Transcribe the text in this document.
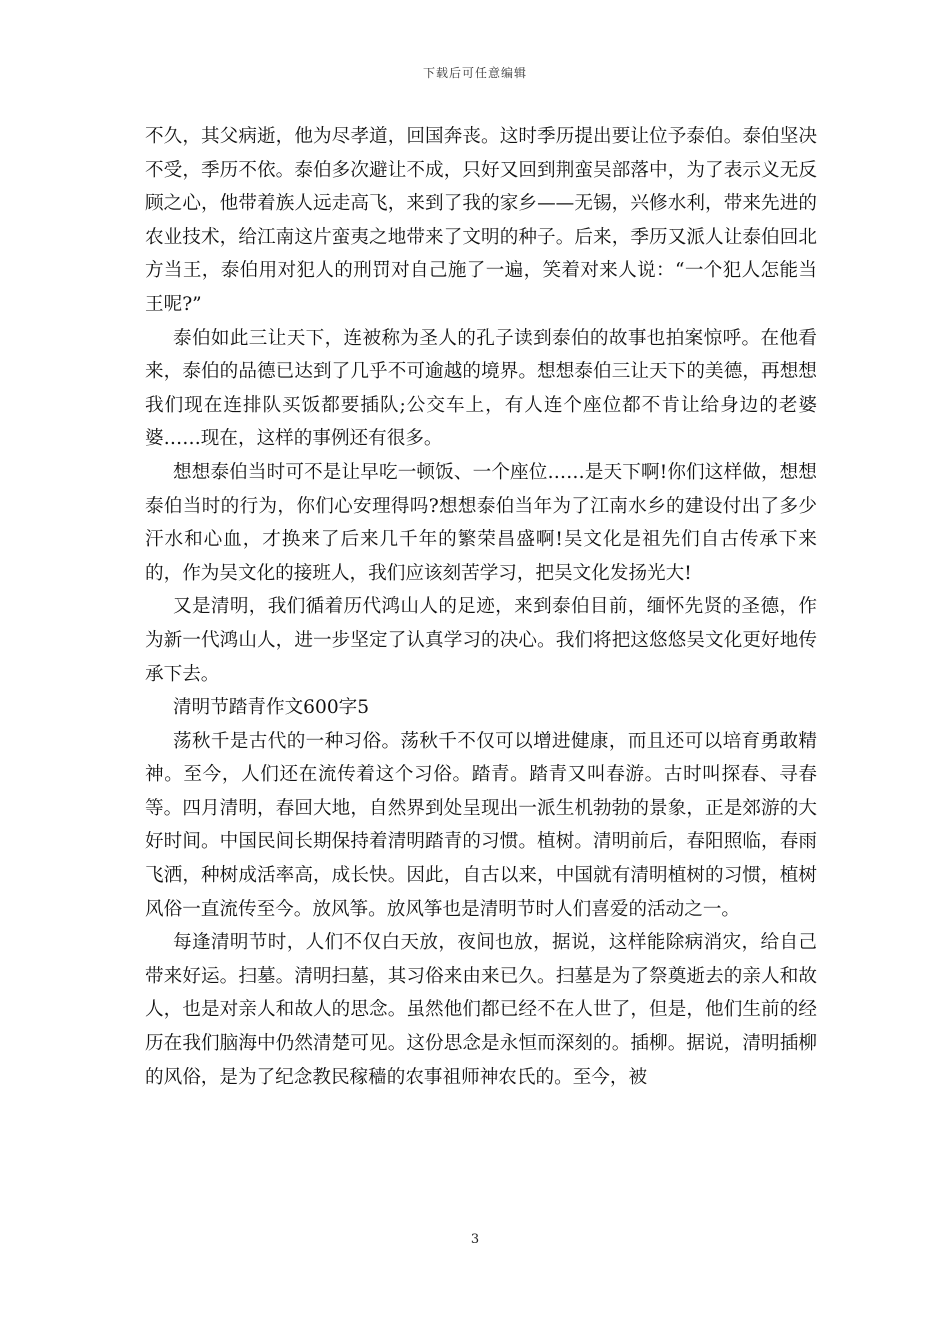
下载后可任意编辑

不久，其父病逝，他为尽孝道，回国奔丧。这时季历提出要让位予泰伯。泰伯坚决不受，季历不依。泰伯多次避让不成，只好又回到荆蛮吴部落中，为了表示义无反顾之心，他带着族人远走高飞，来到了我的家乡——无锡，兴修水利，带来先进的农业技术，给江南这片蛮夷之地带来了文明的种子。后来，季历又派人让泰伯回北方当王，泰伯用对犯人的刑罚对自己施了一遍，笑着对来人说：“一个犯人怎能当王呢?”

泰伯如此三让天下，连被称为圣人的孔子读到泰伯的故事也拍案惊呼。在他看来，泰伯的品德已达到了几乎不可逾越的境界。想想泰伯三让天下的美德，再想想我们现在连排队买饭都要插队;公交车上，有人连个座位都不肯让给身边的老婆婆……现在，这样的事例还有很多。

想想泰伯当时可不是让早吃一顿饭、一个座位……是天下啊!你们这样做，想想泰伯当时的行为，你们心安理得吗?想想泰伯当年为了江南水乡的建设付出了多少汗水和心血，才换来了后来几千年的繁荣昌盛啊!吴文化是祖先们自古传承下来的，作为吴文化的接班人，我们应该刻苦学习，把吴文化发扬光大!

又是清明，我们循着历代鸿山人的足迹，来到泰伯目前，缅怀先贤的圣德，作为新一代鸿山人，进一步坚定了认真学习的决心。我们将把这悠悠吴文化更好地传承下去。

清明节踏青作文600字5

荡秋千是古代的一种习俗。荡秋千不仅可以增进健康，而且还可以培育勇敢精神。至今，人们还在流传着这个习俗。踏青。踏青又叫春游。古时叫探春、寻春等。四月清明，春回大地，自然界到处呈现出一派生机勃勃的景象，正是郊游的大好时间。中国民间长期保持着清明踏青的习惯。植树。清明前后，春阳照临，春雨飞洒，种树成活率高，成长快。因此，自古以来，中国就有清明植树的习惯，植树风俗一直流传至今。放风筝。放风筝也是清明节时人们喜爱的活动之一。

每逢清明节时，人们不仅白天放，夜间也放，据说，这样能除病消灾，给自己带来好运。扫墓。清明扫墓，其习俗来由来已久。扫墓是为了祭奠逝去的亲人和故人，也是对亲人和故人的思念。虽然他们都已经不在人世了，但是，他们生前的经历在我们脑海中仍然清楚可见。这份思念是永恒而深刻的。插柳。据说，清明插柳的风俗，是为了纪念教民稼穑的农事祖师神农氏的。至今，被

3
